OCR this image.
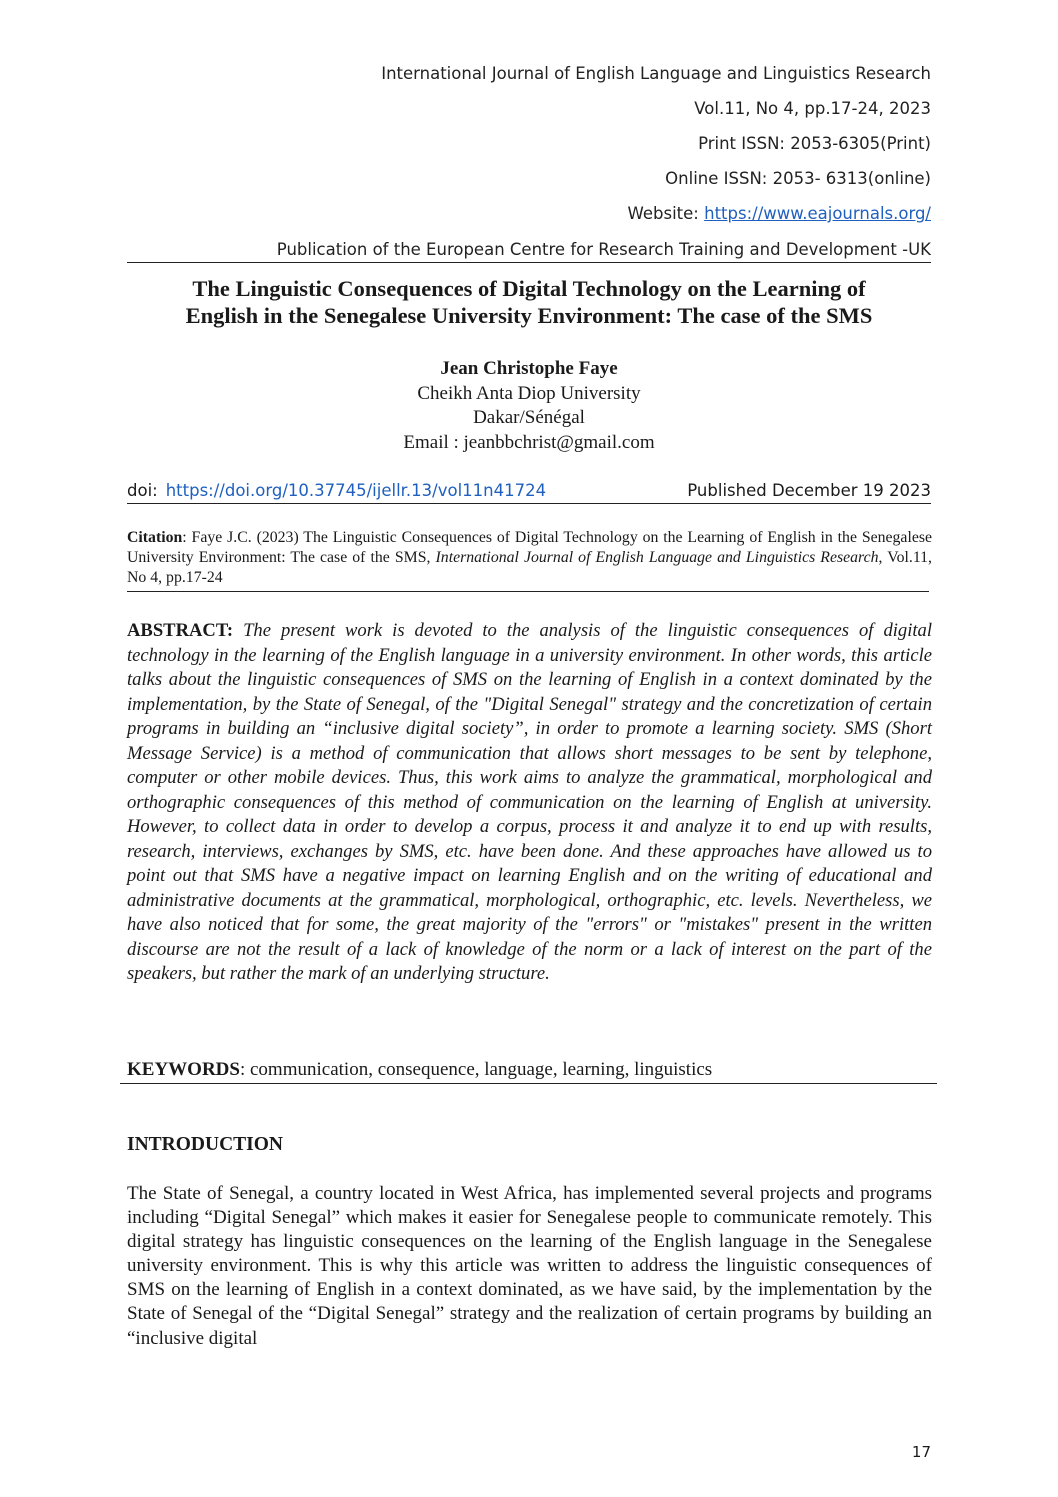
International Journal of English Language and Linguistics Research
Vol.11, No 4, pp.17-24, 2023
Print ISSN: 2053-6305(Print)
Online ISSN: 2053- 6313(online)
Website: https://www.eajournals.org/
Publication of the European Centre for Research Training and Development -UK
The Linguistic Consequences of Digital Technology on the Learning of
English in the Senegalese University Environment: The case of the SMS
Jean Christophe Faye
Cheikh Anta Diop University
Dakar/Sénégal
Email : jeanbbchrist@gmail.com
doi: https://doi.org/10.37745/ijellr.13/vol11n41724	Published December 19 2023
Citation: Faye J.C. (2023) The Linguistic Consequences of Digital Technology on the Learning of English in the Senegalese University Environment: The case of the SMS, International Journal of English Language and Linguistics Research, Vol.11, No 4, pp.17-24
ABSTRACT: The present work is devoted to the analysis of the linguistic consequences of digital technology in the learning of the English language in a university environment. In other words, this article talks about the linguistic consequences of SMS on the learning of English in a context dominated by the implementation, by the State of Senegal, of the "Digital Senegal" strategy and the concretization of certain programs in building an “inclusive digital society”, in order to promote a learning society. SMS (Short Message Service) is a method of communication that allows short messages to be sent by telephone, computer or other mobile devices. Thus, this work aims to analyze the grammatical, morphological and orthographic consequences of this method of communication on the learning of English at university. However, to collect data in order to develop a corpus, process it and analyze it to end up with results, research, interviews, exchanges by SMS, etc. have been done. And these approaches have allowed us to point out that SMS have a negative impact on learning English and on the writing of educational and administrative documents at the grammatical, morphological, orthographic, etc. levels. Nevertheless, we have also noticed that for some, the great majority of the "errors" or "mistakes" present in the written discourse are not the result of a lack of knowledge of the norm or a lack of interest on the part of the speakers, but rather the mark of an underlying structure.
KEYWORDS: communication, consequence, language, learning, linguistics
INTRODUCTION
The State of Senegal, a country located in West Africa, has implemented several projects and programs including “Digital Senegal” which makes it easier for Senegalese people to communicate remotely. This digital strategy has linguistic consequences on the learning of the English language in the Senegalese university environment. This is why this article was written to address the linguistic consequences of SMS on the learning of English in a context dominated, as we have said, by the implementation by the State of Senegal of the “Digital Senegal” strategy and the realization of certain programs by building an “inclusive digital
17
